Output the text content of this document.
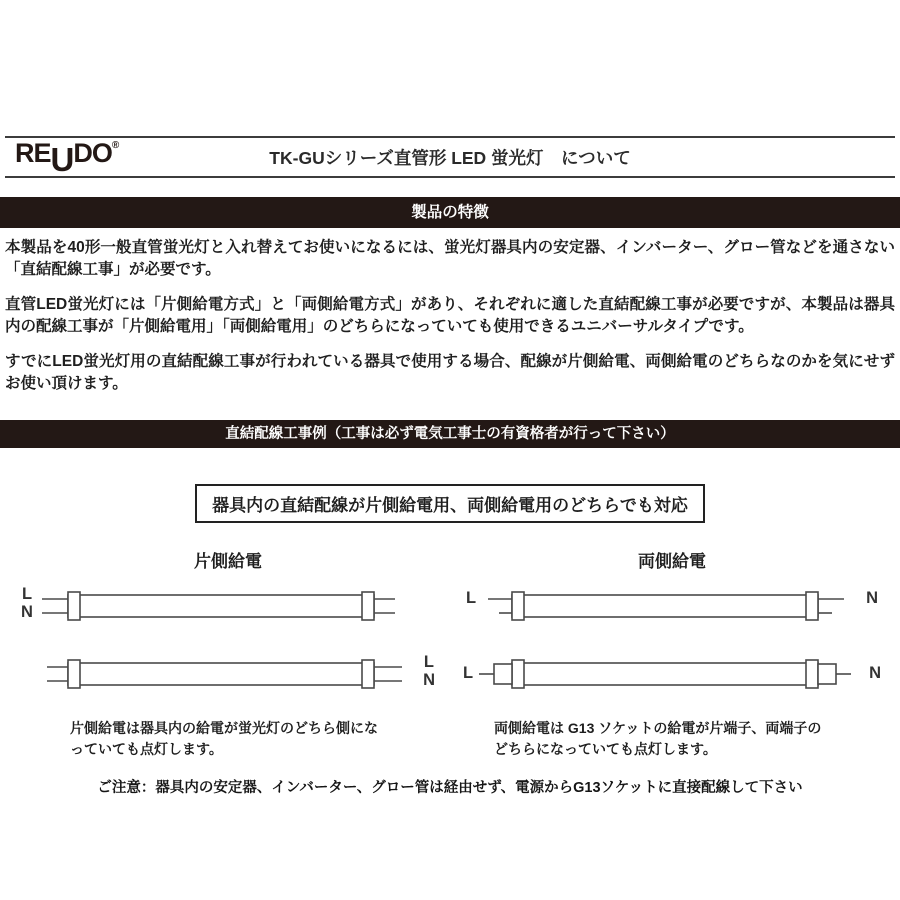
RE U DO ®
TK-GUシリーズ直管形 LED 蛍光灯　について
製品の特徴

本製品を40形一般直管蛍光灯と入れ替えてお使いになるには、蛍光灯器具内の安定器、インバーター、グロー管などを通さない「直結配線工事」が必要です。

直管LED蛍光灯には「片側給電方式」と「両側給電方式」があり、それぞれに適した直結配線工事が必要ですが、本製品は器具内の配線工事が「片側給電用」「両側給電用」のどちらになっていても使用できるユニバーサルタイプです。

すでにLED蛍光灯用の直結配線工事が行われている器具で使用する場合、配線が片側給電、両側給電のどちらなのかを気にせずお使い頂けます。

直結配線工事例（工事は必ず電気工事士の有資格者が行って下さい）
器具内の直結配線が片側給電用、両側給電用のどちらでも対応
片側給電
L
N
L
N
片側給電は器具内の給電が蛍光灯のどちら側になっていても点灯します。
両側給電
L	N
L	N
両側給電は G13 ソケットの給電が片端子、両端子のどちらになっていても点灯します。
ご注意：器具内の安定器、インバーター、グロー管は経由せず、電源からG13ソケットに直接配線して下さい
